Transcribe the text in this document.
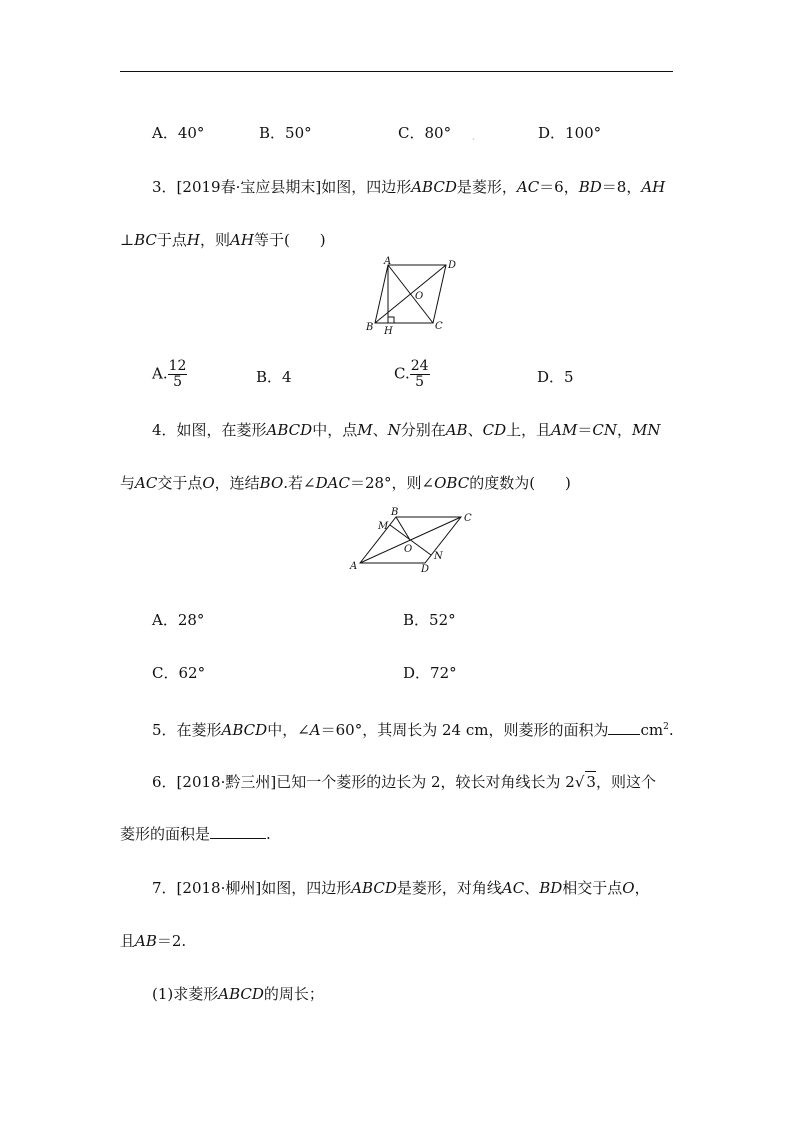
A．40°	B．50°	C．80°	·	D．100°
3．[2019春·宝应县期末]如图，四边形ABCD是菱形，AC＝6，BD＝8，AH
⊥BC于点H，则AH等于(　　)
A	D
O
B H	C
A. $\frac{12}{5}$	B．4	C. $\frac{24}{5}$	D．5
4．如图，在菱形ABCD中，点M、N分别在AB、CD上，且AM＝CN，MN
与AC交于点O，连结BO.若∠DAC＝28°，则∠OBC的度数为(　　)
B
C
M
O
N
A	D
A．28°	B．52°
C．62°	D．72°
5．在菱形ABCD中，∠A＝60°，其周长为 24 cm，则菱形的面积为 $cm^2$.
6．[2018·黔三州]已知一个菱形的边长为 2，较长对角线长为 2√ 3，则这个
菱形的面积是	.
7．[2018·柳州]如图，四边形ABCD是菱形，对角线AC、BD相交于点O，
且AB＝2.
(1)求菱形ABCD的周长；
